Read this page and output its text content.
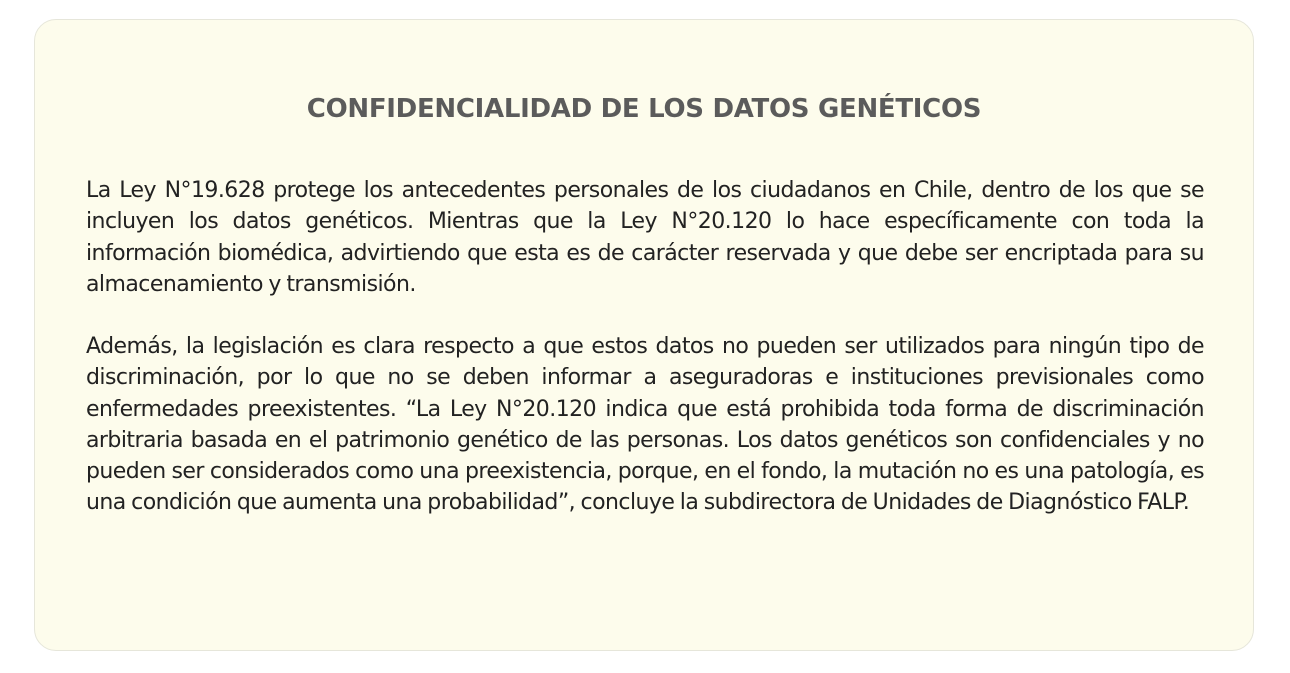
CONFIDENCIALIDAD DE LOS DATOS GENÉTICOS

La Ley N°19.628 protege los antecedentes personales de los ciudadanos en Chile, dentro de los que se incluyen los datos genéticos. Mientras que la Ley N°20.120 lo hace específicamente con toda la información biomédica, advirtiendo que esta es de carácter reservada y que debe ser encriptada para su almacenamiento y transmisión.

Además, la legislación es clara respecto a que estos datos no pueden ser utilizados para ningún tipo de discriminación, por lo que no se deben informar a aseguradoras e instituciones previsionales como enfermedades preexistentes. “La Ley N°20.120 indica que está prohibida toda forma de discriminación arbitraria basada en el patrimonio genético de las personas. Los datos genéticos son confidenciales y no pueden ser considerados como una preexistencia, porque, en el fondo, la mutación no es una patología, es una condición que aumenta una probabilidad”, concluye la subdirectora de Unidades de Diagnóstico FALP.
